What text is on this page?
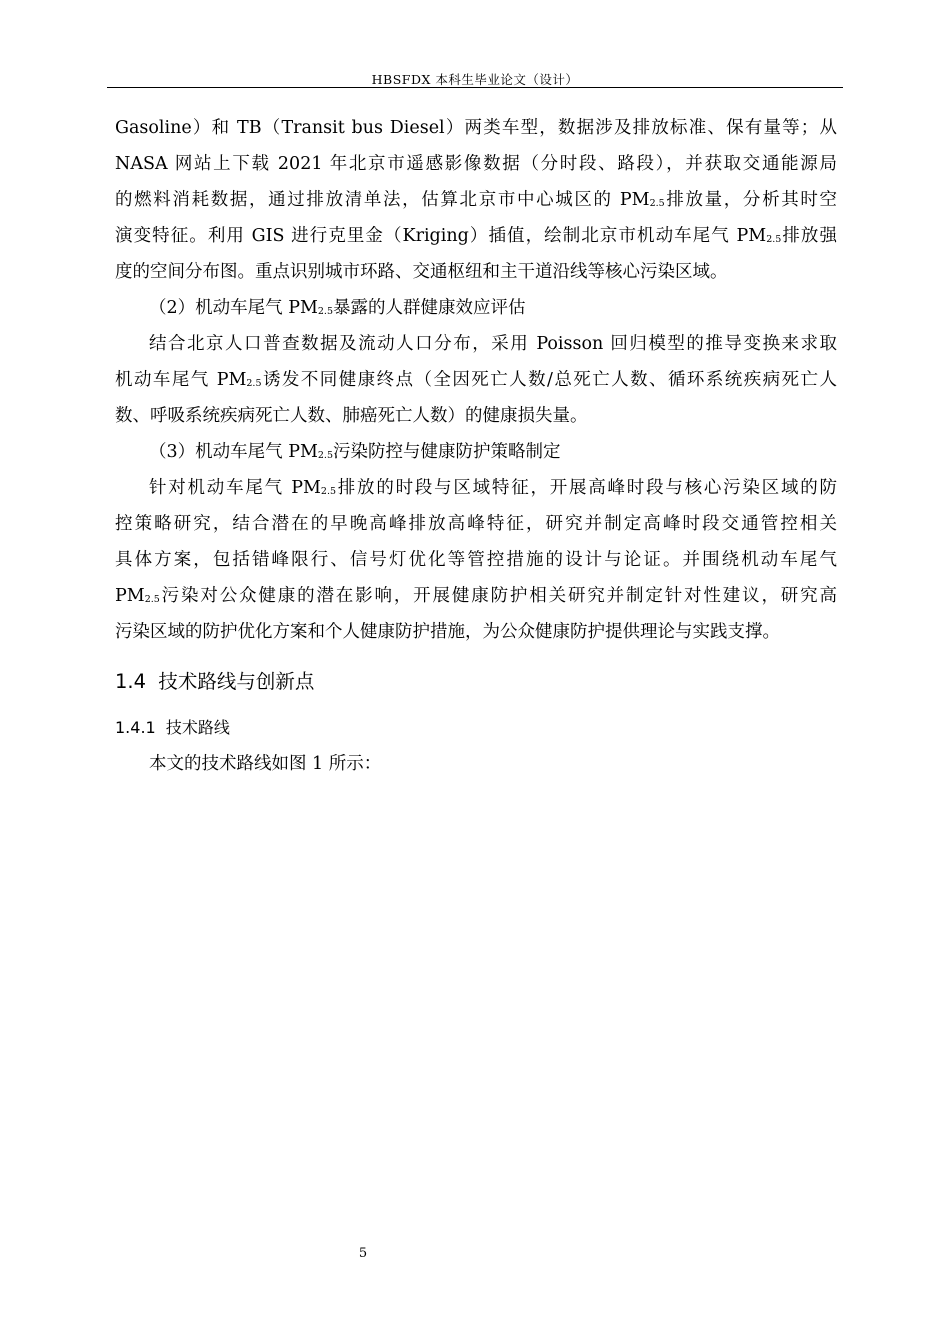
HBSFDX 本科生毕业论文（设计）
Gasoline）和 TB（Transit bus Diesel）两类车型，数据涉及排放标准、保有量等；从
NASA 网站上下载 2021 年北京市遥感影像数据（分时段、路段），并获取交通能源局
的燃料消耗数据，通过排放清单法，估算北京市中心城区的 $PM_{2.5}$排放量，分析其时空
演变特征。利用 GIS 进行克里金（Kriging）插值，绘制北京市机动车尾气 $PM_{2.5}$排放强
度的空间分布图。重点识别城市环路、交通枢纽和主干道沿线等核心污染区域。
（2）机动车尾气 $PM_{2.5}$暴露的人群健康效应评估
结合北京人口普查数据及流动人口分布，采用 Poisson 回归模型的推导变换来求取
机动车尾气 $PM_{2.5}$诱发不同健康终点（全因死亡人数/总死亡人数、循环系统疾病死亡人
数、呼吸系统疾病死亡人数、肺癌死亡人数）的健康损失量。
（3）机动车尾气 $PM_{2.5}$污染防控与健康防护策略制定
针对机动车尾气 $PM_{2.5}$排放的时段与区域特征，开展高峰时段与核心污染区域的防
控策略研究，结合潜在的早晚高峰排放高峰特征，研究并制定高峰时段交通管控相关
具体方案，包括错峰限行、信号灯优化等管控措施的设计与论证。并围绕机动车尾气
$PM_{2.5}$污染对公众健康的潜在影响，开展健康防护相关研究并制定针对性建议，研究高
污染区域的防护优化方案和个人健康防护措施，为公众健康防护提供理论与实践支撑。
1.4 技术路线与创新点
1.4.1 技术路线
本文的技术路线如图 1 所示：
5
